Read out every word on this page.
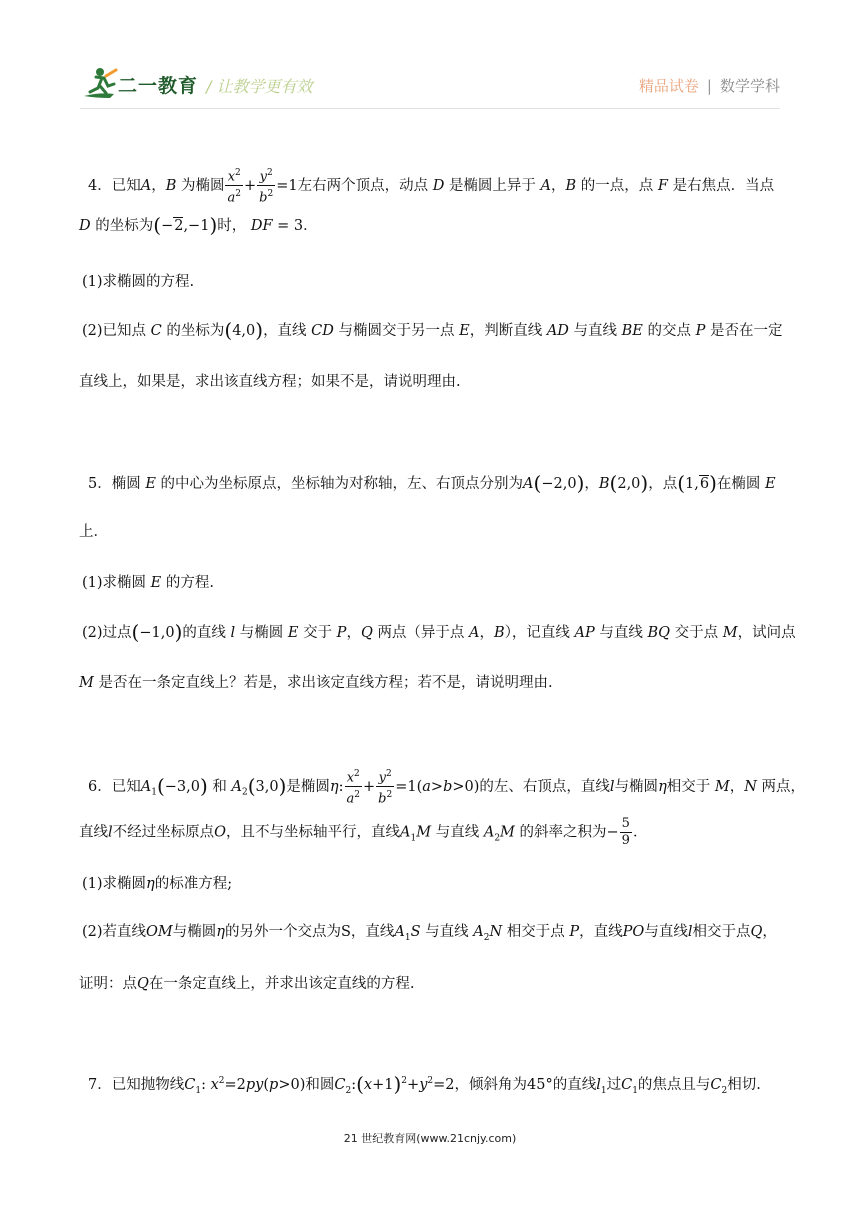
二一教育 / 让教学更有效	精品试卷 | 数学学科
4．已知A，B 为椭圆 $\frac{x^2}{a^2} + \frac{y^2}{b^2} =1$左右两个顶点，动点 D 是椭圆上异于 A，B 的一点，点 F 是右焦点．当点
D 的坐标为(−2,−1)时， DF = 3．
(1)求椭圆的方程.
(2)已知点 C 的坐标为(4,0)，直线 CD 与椭圆交于另一点 E，判断直线 AD 与直线 BE 的交点 P 是否在一定
直线上，如果是，求出该直线方程；如果不是，请说明理由.
5．椭圆 E 的中心为坐标原点，坐标轴为对称轴，左、右顶点分别为A(−2,0)，B(2,0)，点(1,6)在椭圆 E
上．
(1)求椭圆 E 的方程.
(2)过点(−1,0)的直线 l 与椭圆 E 交于 P，Q 两点（异于点 A，B），记直线 AP 与直线 BQ 交于点 M，试问点
M 是否在一条定直线上？若是，求出该定直线方程；若不是，请说明理由.
6．已知$A_1(-3,0)$ 和 $A_2(3,0)$是椭圆η: $\frac{x^2}{a^2} + \frac{y^2}{b^2} =1(a>b>0)$的左、右顶点，直线l与椭圆η相交于 M，N 两点，
直线l不经过坐标原点O，且不与坐标轴平行，直线$A_1M$ 与直线 $A_2M$ 的斜率之积为− $\frac{5}{9}$ ．
(1)求椭圆η的标准方程;
(2)若直线OM与椭圆η的另外一个交点为S，直线$A_1S$ 与直线 $A_2N$ 相交于点 P，直线PO与直线l相交于点Q，
证明：点Q在一条定直线上，并求出该定直线的方程.
7．已知抛物线$C_1$: $x^2=2py(p>0)$和圆$C_2:(x+1)^2+y^2=2$，倾斜角为45°的直线$l_1$过$C_1$的焦点且与$C_2$相切.
21 世纪教育网(www.21cnjy.com)
